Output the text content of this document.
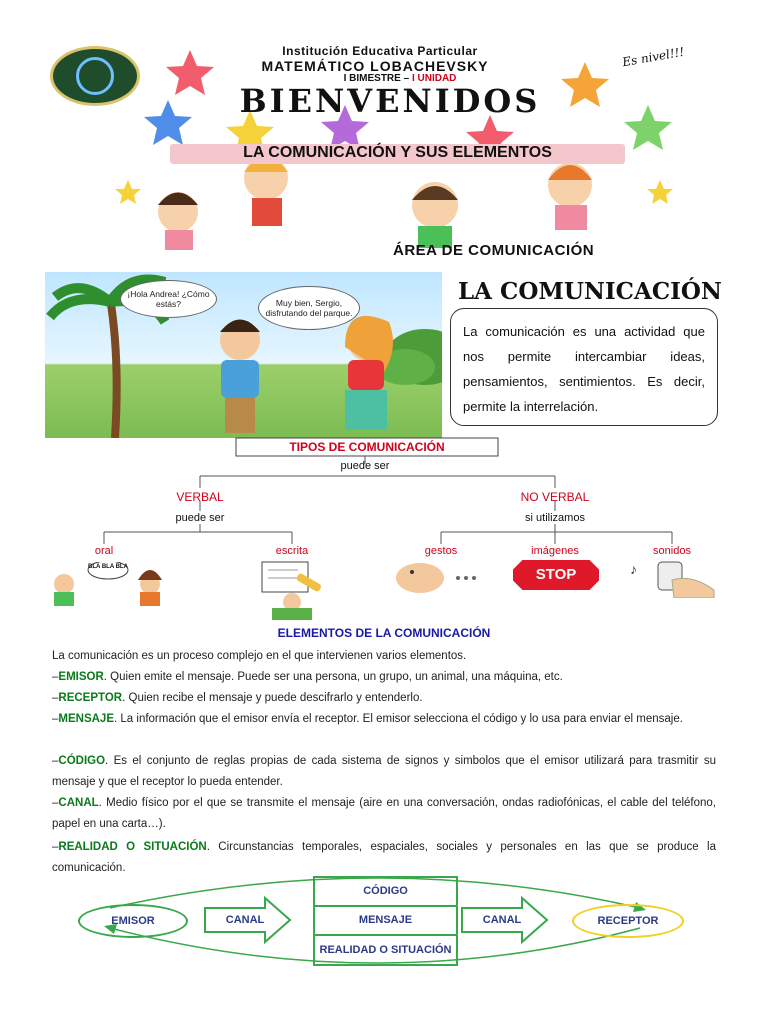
Institución Educativa Particular
MATEMÁTICO LOBACHEVSKY
I BIMESTRE – I UNIDAD
Es nivel!!!
BIENVENIDOS
LA COMUNICACIÓN Y SUS ELEMENTOS
ÁREA DE COMUNICACIÓN
¡Hola Andrea! ¿Cómo estás?	Muy bien, Sergio, disfrutando del parque.
LA COMUNICACIÓN
La comunicación es una actividad que nos permite intercambiar ideas, pensamientos, sentimientos. Es decir, permite la interrelación.
TIPOS DE COMUNICACIÓN
puede ser
VERBAL	NO VERBAL
puede ser	si utilizamos
oral	escrita	gestos	imágenes	sonidos
BLA BLA BLA	STOP	♪
ELEMENTOS DE LA COMUNICACIÓN
La comunicación es un proceso complejo en el que intervienen varios elementos.
–EMISOR. Quien emite el mensaje. Puede ser una persona, un grupo, un animal, una máquina, etc.
–RECEPTOR. Quien recibe el mensaje y puede descifrarlo y entenderlo.
–MENSAJE. La información que el emisor envía el receptor. El emisor selecciona el código y lo usa para enviar el mensaje.
–CÓDIGO. Es el conjunto de reglas propias de cada sistema de signos y simbolos que el emisor utilizará para trasmitir su mensaje y que el receptor lo pueda entender.
–CANAL. Medio físico por el que se transmite el mensaje (aire en una conversación, ondas radiofónicas, el cable del teléfono, papel en una carta…).
–REALIDAD O SITUACIÓN. Circunstancias temporales, espaciales, sociales y personales en las que se produce la comunicación.
EMISOR	CANAL
CÓDIGO
MENSAJE
REALIDAD O SITUACIÓN
CANAL	RECEPTOR
